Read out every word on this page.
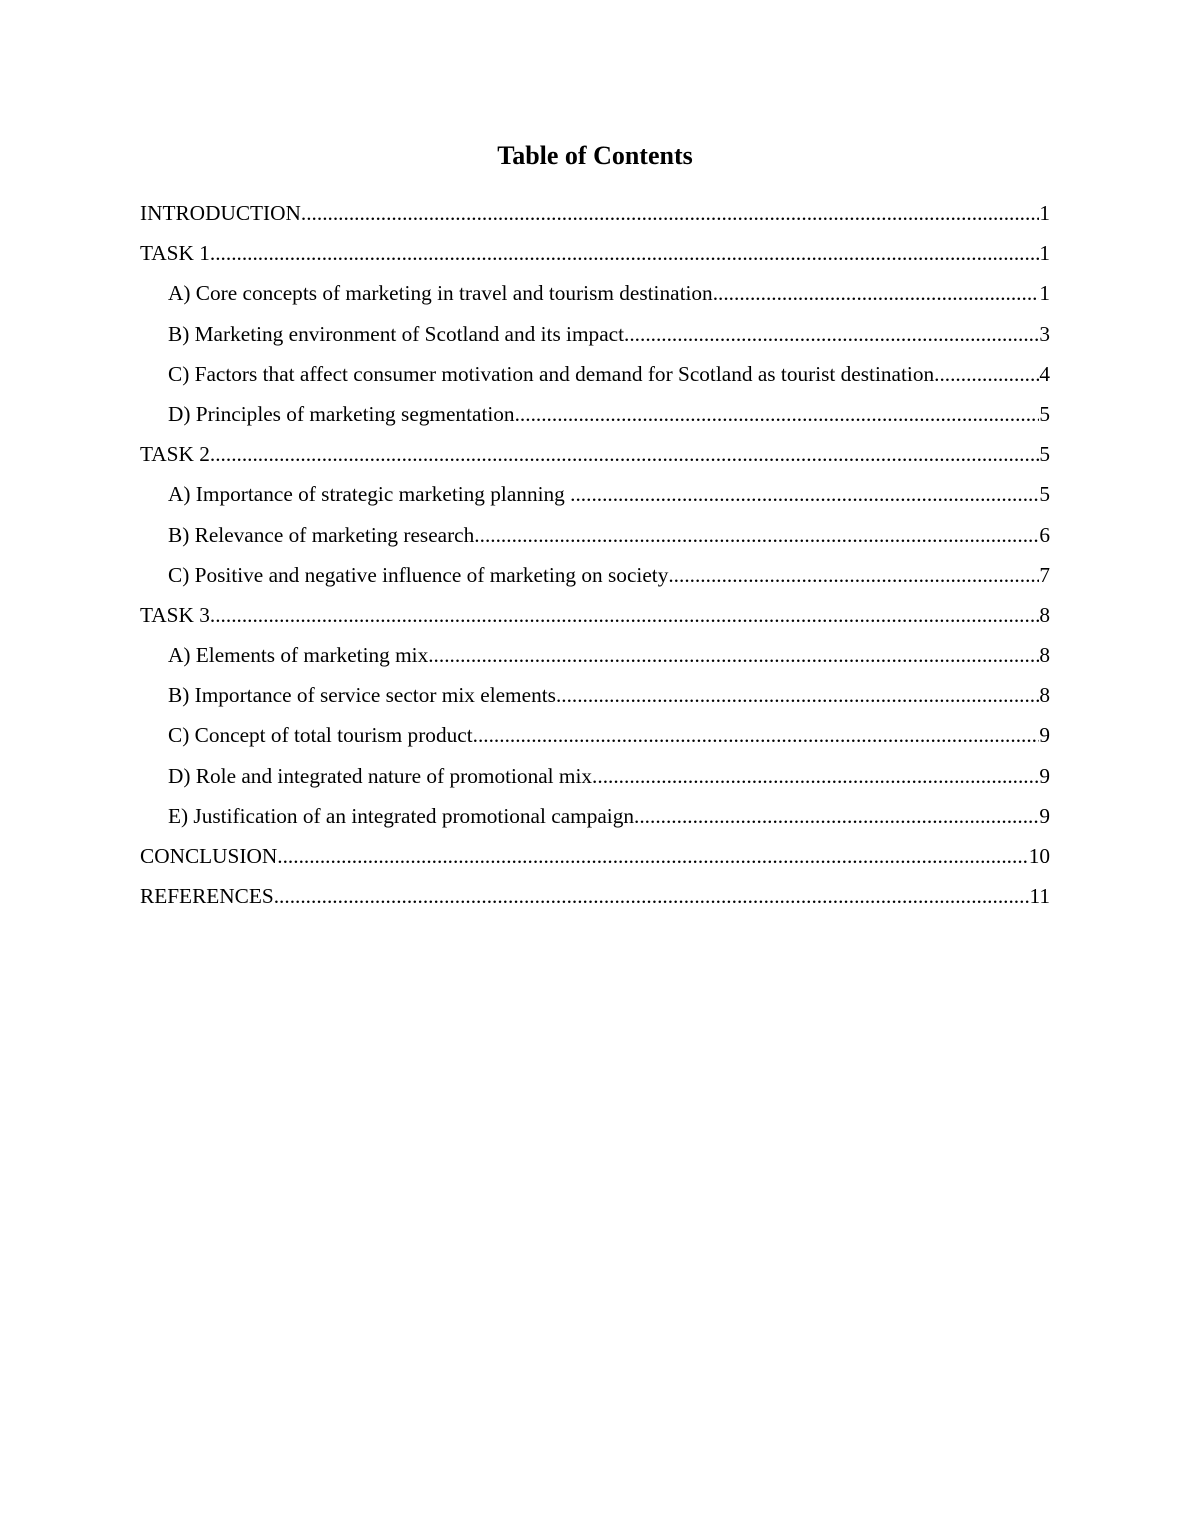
Table of Contents
INTRODUCTION .....	1
TASK 1 .....	1
A) Core concepts of marketing in travel and tourism destination .....	1
B) Marketing environment of Scotland and its impact .....	3
C) Factors that affect consumer motivation and demand for Scotland as tourist destination .....	4
D) Principles of marketing segmentation .....	5
TASK 2 .....	5
A) Importance of strategic marketing planning .....	5
B) Relevance of marketing research .....	6
C) Positive and negative influence of marketing on society .....	7
TASK 3 .....	8
A) Elements of marketing mix .....	8
B) Importance of service sector mix elements .....	8
C) Concept of total tourism product .....	9
D) Role and integrated nature of promotional mix .....	9
E) Justification of an integrated promotional campaign .....	9
CONCLUSION .....	10
REFERENCES .....	11
